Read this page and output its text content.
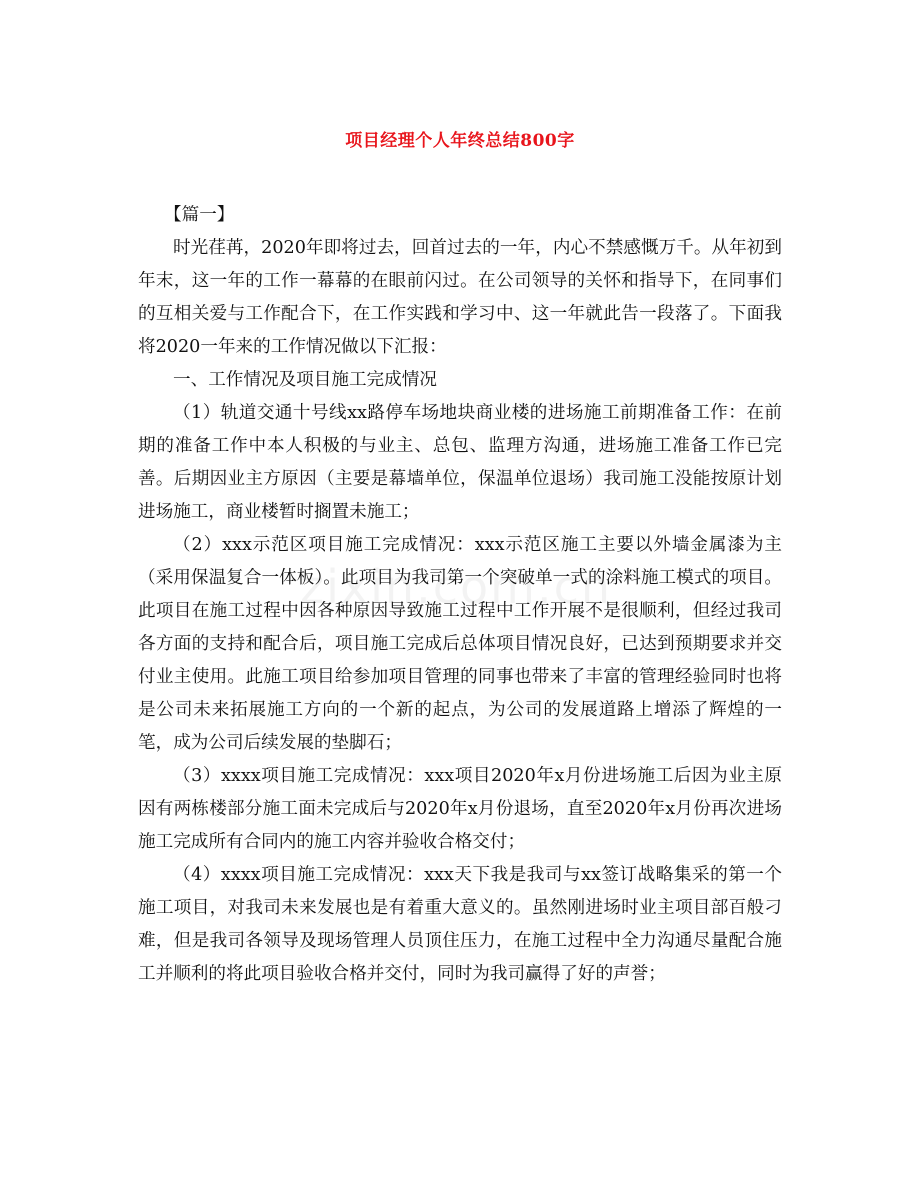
项目经理个人年终总结800字

【篇一】

时光荏苒，2020年即将过去，回首过去的一年，内心不禁感慨万千。从年初到年末，这一年的工作一幕幕的在眼前闪过。在公司领导的关怀和指导下，在同事们的互相关爱与工作配合下，在工作实践和学习中、这一年就此告一段落了。下面我将2020一年来的工作情况做以下汇报：

一、工作情况及项目施工完成情况

（1）轨道交通十号线xx路停车场地块商业楼的进场施工前期准备工作：在前期的准备工作中本人积极的与业主、总包、监理方沟通，进场施工准备工作已完善。后期因业主方原因（主要是幕墙单位，保温单位退场）我司施工没能按原计划进场施工，商业楼暂时搁置未施工；

（2）xxx示范区项目施工完成情况：xxx示范区施工主要以外墙金属漆为主（采用保温复合一体板）。此项目为我司第一个突破单一式的涂料施工模式的项目。此项目在施工过程中因各种原因导致施工过程中工作开展不是很顺利，但经过我司各方面的支持和配合后，项目施工完成后总体项目情况良好，已达到预期要求并交付业主使用。此施工项目给参加项目管理的同事也带来了丰富的管理经验同时也将是公司未来拓展施工方向的一个新的起点，为公司的发展道路上增添了辉煌的一笔，成为公司后续发展的垫脚石；

（3）xxxx项目施工完成情况：xxx项目2020年x月份进场施工后因为业主原因有两栋楼部分施工面未完成后与2020年x月份退场，直至2020年x月份再次进场施工完成所有合同内的施工内容并验收合格交付；

（4）xxxx项目施工完成情况：xxx天下我是我司与xx签订战略集采的第一个施工项目，对我司未来发展也是有着重大意义的。虽然刚进场时业主项目部百般刁难，但是我司各领导及现场管理人员顶住压力，在施工过程中全力沟通尽量配合施工并顺利的将此项目验收合格并交付，同时为我司赢得了好的声誉；
